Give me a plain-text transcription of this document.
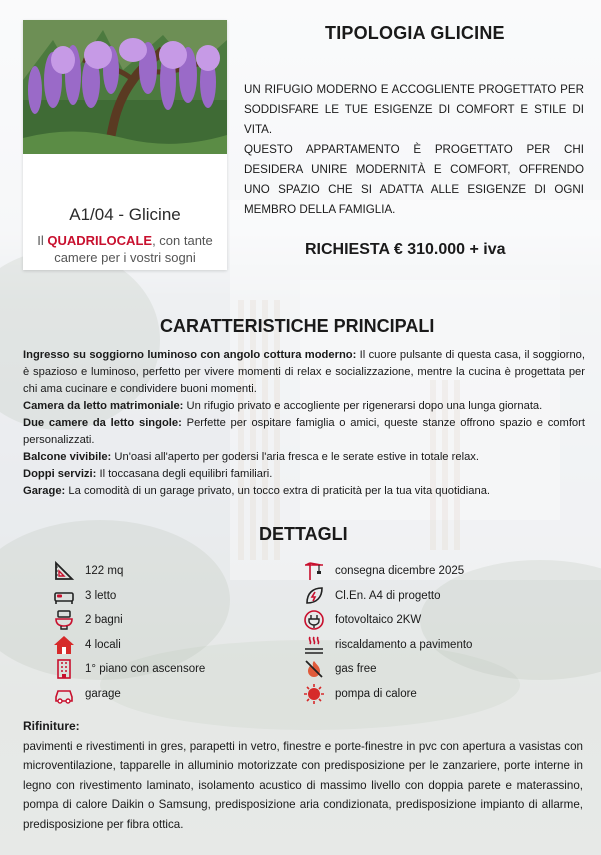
A1/04 - Glicine
Il QUADRILOCALE, con tante camere per i vostri sogni
TIPOLOGIA GLICINE

UN RIFUGIO MODERNO E ACCOGLIENTE PROGETTATO PER SODDISFARE LE TUE ESIGENZE DI COMFORT E STILE DI VITA.

QUESTO APPARTAMENTO È PROGETTATO PER CHI DESIDERA UNIRE MODERNITÀ E COMFORT, OFFRENDO UNO SPAZIO CHE SI ADATTA ALLE ESIGENZE DI OGNI MEMBRO DELLA FAMIGLIA.

RICHIESTA € 310.000 + iva
CARATTERISTICHE PRINCIPALI

Ingresso su soggiorno luminoso con angolo cottura moderno: Il cuore pulsante di questa casa, il soggiorno, è spazioso e luminoso, perfetto per vivere momenti di relax e socializzazione, mentre la cucina è progettata per chi ama cucinare e condividere buoni momenti.

Camera da letto matrimoniale: Un rifugio privato e accogliente per rigenerarsi dopo una lunga giornata.

Due camere da letto singole: Perfette per ospitare famiglia o amici, queste stanze offrono spazio e comfort personalizzati.

Balcone vivibile: Un'oasi all'aperto per godersi l'aria fresca e le serate estive in totale relax.

Doppi servizi: Il toccasana degli equilibri familiari.

Garage: La comodità di un garage privato, un tocco extra di praticità per la tua vita quotidiana.

DETTAGLI
122 mq
3 letto
2 bagni
4 locali
1° piano con ascensore
garage
consegna dicembre 2025
Cl.En. A4 di progetto
fotovoltaico 2KW
riscaldamento a pavimento
gas free
pompa di calore
Rifiniture:
pavimenti e rivestimenti in gres, parapetti in vetro, finestre e porte-finestre in pvc con apertura a vasistas con microventilazione, tapparelle in alluminio motorizzate con predisposizione per le zanzariere, porte interne in legno con rivestimento laminato, isolamento acustico di massimo livello con doppia parete e materassino, pompa di calore Daikin o Samsung, predisposizione aria condizionata, predisposizione impianto di allarme, predisposizione per fibra ottica.
